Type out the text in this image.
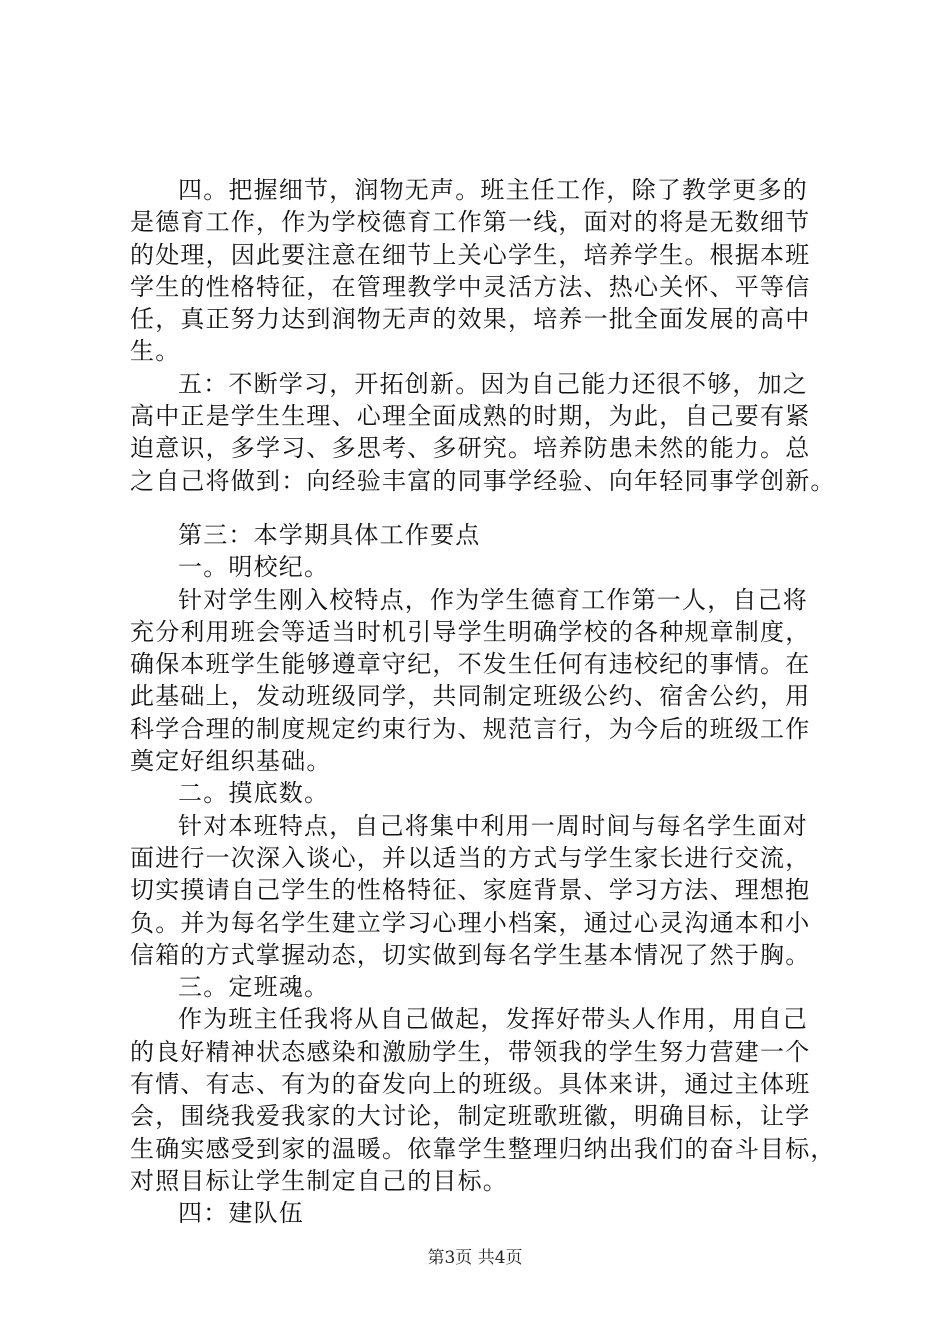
四。把握细节，润物无声。班主任工作，除了教学更多的
是德育工作，作为学校德育工作第一线，面对的将是无数细节
的处理，因此要注意在细节上关心学生，培养学生。根据本班
学生的性格特征，在管理教学中灵活方法、热心关怀、平等信
任，真正努力达到润物无声的效果，培养一批全面发展的高中
生。
五：不断学习，开拓创新。因为自己能力还很不够，加之
高中正是学生生理、心理全面成熟的时期，为此，自己要有紧
迫意识，多学习、多思考、多研究。培养防患未然的能力。总
之自己将做到：向经验丰富的同事学经验、向年轻同事学创新。
第三：本学期具体工作要点
一。明校纪。
针对学生刚入校特点，作为学生德育工作第一人，自己将
充分利用班会等适当时机引导学生明确学校的各种规章制度，
确保本班学生能够遵章守纪，不发生任何有违校纪的事情。在
此基础上，发动班级同学，共同制定班级公约、宿舍公约，用
科学合理的制度规定约束行为、规范言行，为今后的班级工作
奠定好组织基础。
二。摸底数。
针对本班特点，自己将集中利用一周时间与每名学生面对
面进行一次深入谈心，并以适当的方式与学生家长进行交流，
切实摸请自己学生的性格特征、家庭背景、学习方法、理想抱
负。并为每名学生建立学习心理小档案，通过心灵沟通本和小
信箱的方式掌握动态，切实做到每名学生基本情况了然于胸。
三。定班魂。
作为班主任我将从自己做起，发挥好带头人作用，用自己
的良好精神状态感染和激励学生，带领我的学生努力营建一个
有情、有志、有为的奋发向上的班级。具体来讲，通过主体班
会，围绕我爱我家的大讨论，制定班歌班徽，明确目标，让学
生确实感受到家的温暖。依靠学生整理归纳出我们的奋斗目标，
对照目标让学生制定自己的目标。
四：建队伍
第3页 共4页
